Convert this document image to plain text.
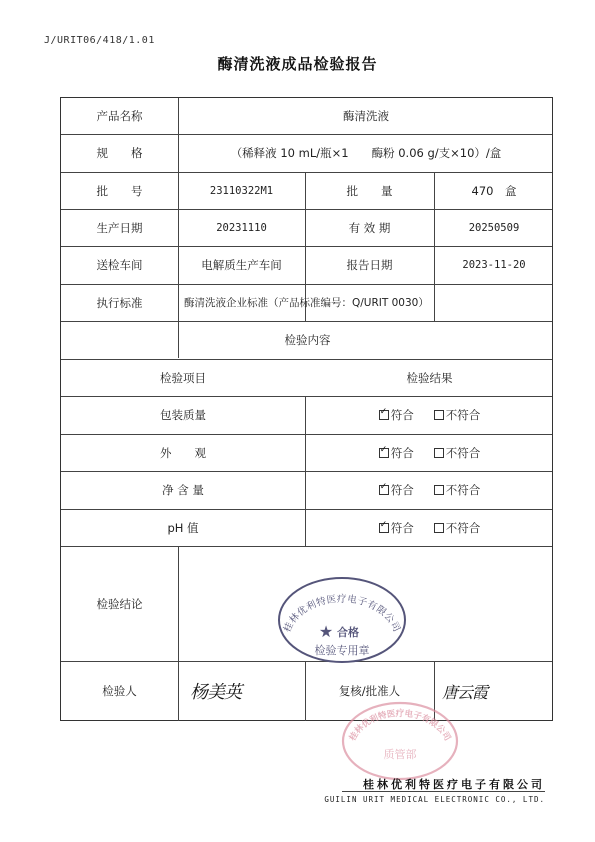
J/URIT06/418/1.01
酶清洗液成品检验报告
产品名称	酶清洗液
规　　格	（稀释液 10 mL/瓶×1　　酶粉 0.06 g/支×10）/盒
批　　号	23110322M1	批　　量	470　盒
生产日期	20231110	有 效 期	20250509
送检车间	电解质生产车间	报告日期	2023-11-20
执行标准	酶清洗液企业标准（产品标准编号：Q/URIT 0030）
检验内容
检验项目	检验结果
包装质量 ✓	符合	不符合
外　　观 ✓	符合	不符合
净 含 量 ✓	符合	不符合
pH 值 ✓	符合	不符合
检验结论
检验人	杨美英	复核/批准人	唐云霞
桂林优利特医疗电子有限公司
★ 合格
检验专用章
桂林优利特医疗电子有限公司
质管部
桂林优利特医疗电子有限公司
GUILIN URIT MEDICAL ELECTRONIC CO., LTD.
